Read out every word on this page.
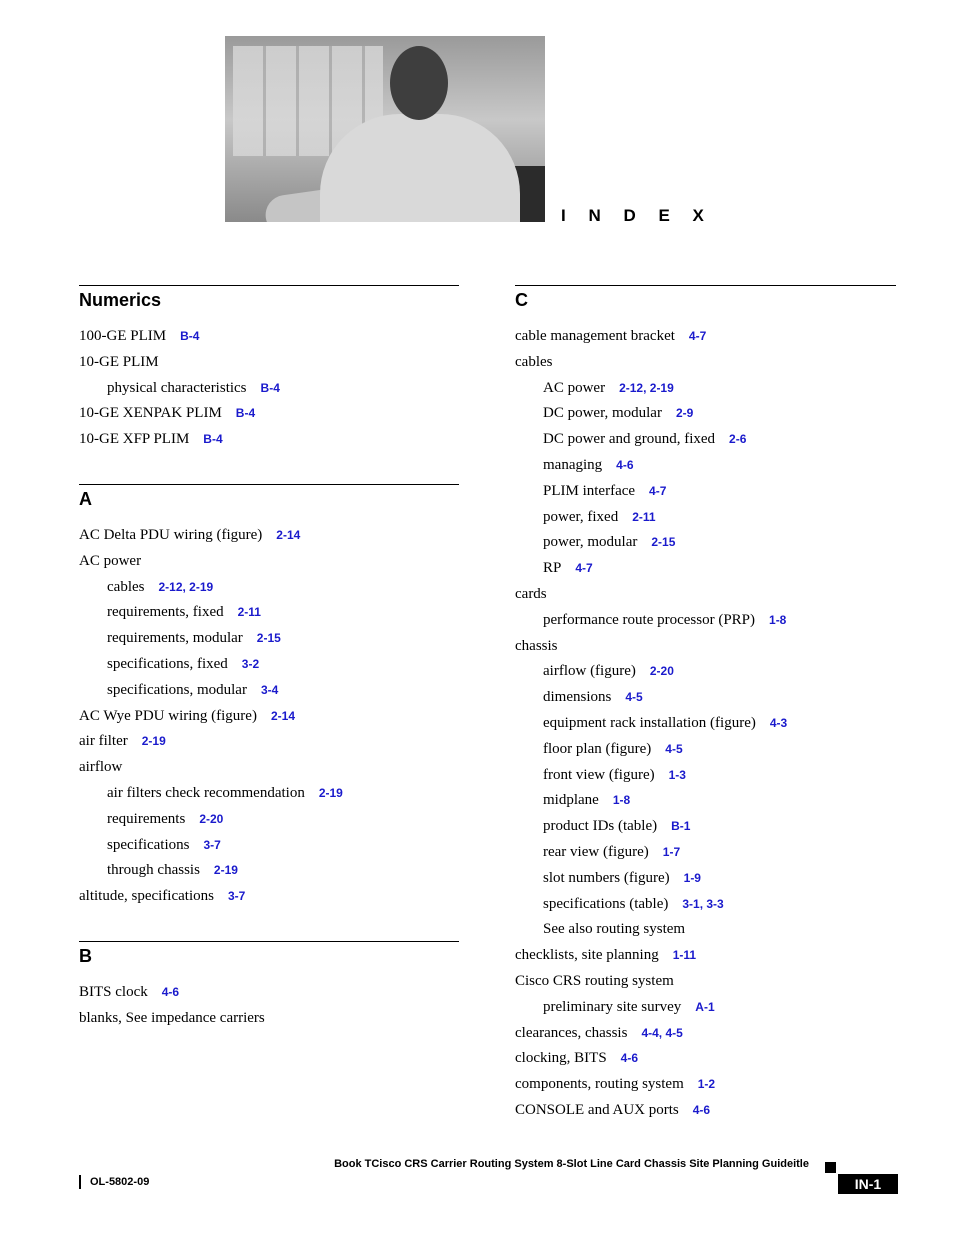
I N D E X
Numerics
100-GE PLIM B-4
10-GE PLIM
physical characteristics B-4
10-GE XENPAK PLIM B-4
10-GE XFP PLIM B-4
A
AC Delta PDU wiring (figure) 2-14
AC power
cables 2-12, 2-19
requirements, fixed 2-11
requirements, modular 2-15
specifications, fixed 3-2
specifications, modular 3-4
AC Wye PDU wiring (figure) 2-14
air filter 2-19
airflow
air filters check recommendation 2-19
requirements 2-20
specifications 3-7
through chassis 2-19
altitude, specifications 3-7
B
BITS clock 4-6
blanks, See impedance carriers
C
cable management bracket 4-7
cables
AC power 2-12, 2-19
DC power, modular 2-9
DC power and ground, fixed 2-6
managing 4-6
PLIM interface 4-7
power, fixed 2-11
power, modular 2-15
RP 4-7
cards
performance route processor (PRP) 1-8
chassis
airflow (figure) 2-20
dimensions 4-5
equipment rack installation (figure) 4-3
floor plan (figure) 4-5
front view (figure) 1-3
midplane 1-8
product IDs (table) B-1
rear view (figure) 1-7
slot numbers (figure) 1-9
specifications (table) 3-1, 3-3
See also routing system
checklists, site planning 1-11
Cisco CRS routing system
preliminary site survey A-1
clearances, chassis 4-4, 4-5
clocking, BITS 4-6
components, routing system 1-2
CONSOLE and AUX ports 4-6
Book TCisco CRS Carrier Routing System 8-Slot Line Card Chassis Site Planning Guideitle
OL-5802-09	IN-1
